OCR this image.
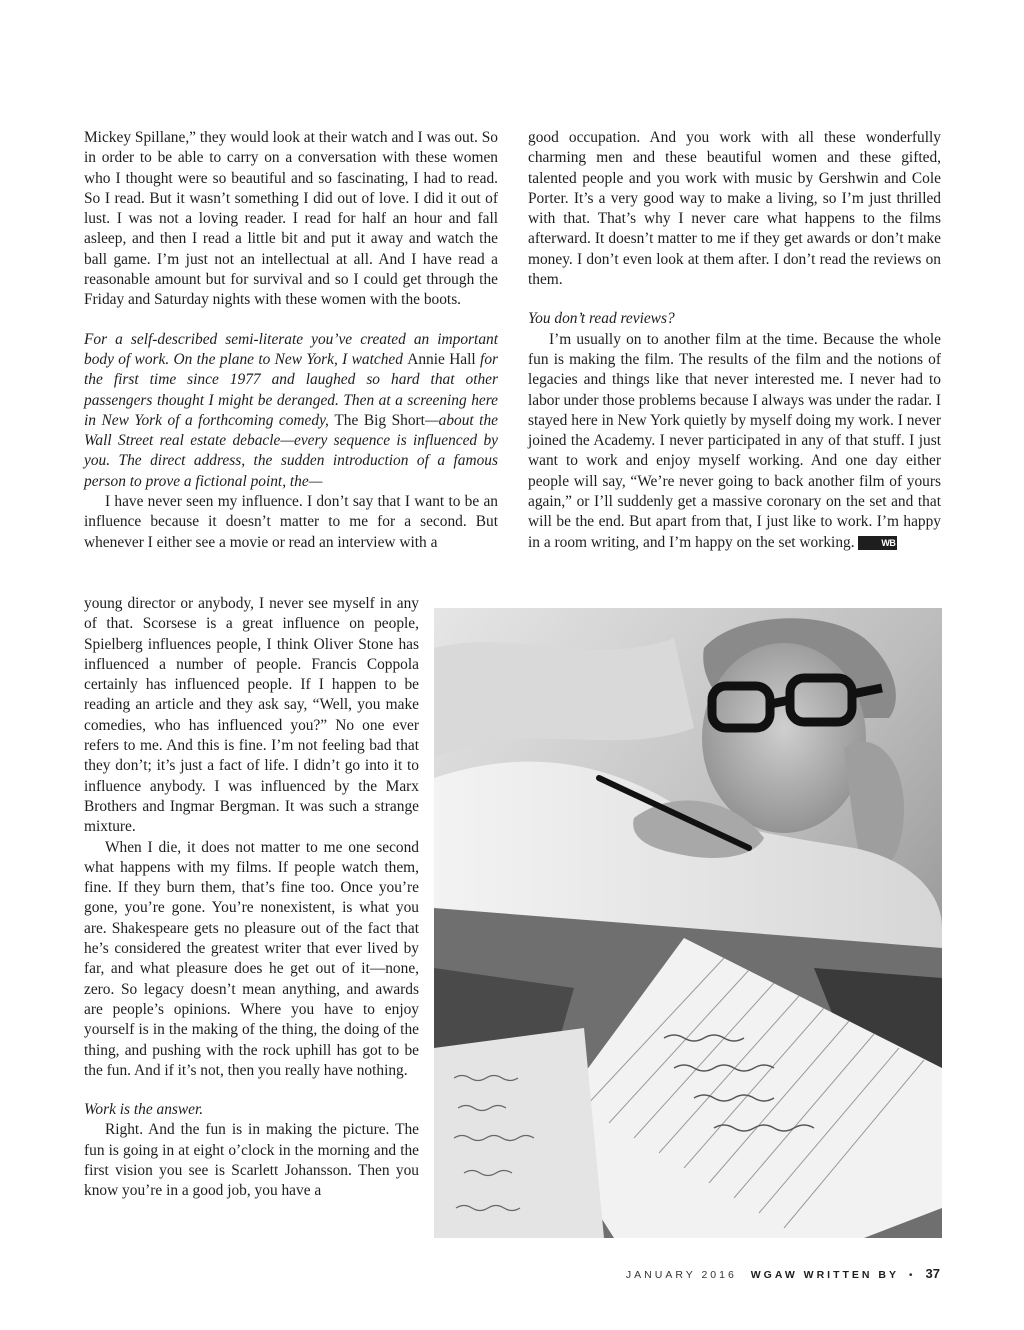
Mickey Spillane,” they would look at their watch and I was out. So in order to be able to carry on a conversation with these women who I thought were so beautiful and so fascinating, I had to read. So I read. But it wasn’t something I did out of love. I did it out of lust. I was not a loving reader. I read for half an hour and fall asleep, and then I read a little bit and put it away and watch the ball game. I’m just not an intellectual at all. And I have read a reasonable amount but for survival and so I could get through the Friday and Saturday nights with these women with the boots.

For a self-described semi-literate you’ve created an important body of work. On the plane to New York, I watched Annie Hall for the first time since 1977 and laughed so hard that other passengers thought I might be deranged. Then at a screening here in New York of a forthcoming comedy, The Big Short—about the Wall Street real estate debacle—every sequence is influenced by you. The direct address, the sudden introduction of a famous person to prove a fictional point, the—

I have never seen my influence. I don’t say that I want to be an influence because it doesn’t matter to me for a second. But whenever I either see a movie or read an interview with a

young director or anybody, I never see myself in any of that. Scorsese is a great influence on people, Spielberg influences people, I think Oliver Stone has influenced a number of people. Francis Coppola certainly has influenced people. If I happen to be reading an article and they ask say, “Well, you make comedies, who has influenced you?” No one ever refers to me. And this is fine. I’m not feeling bad that they don’t; it’s just a fact of life. I didn’t go into it to influence anybody. I was influenced by the Marx Brothers and Ingmar Bergman. It was such a strange mixture.

When I die, it does not matter to me one second what happens with my films. If people watch them, fine. If they burn them, that’s fine too. Once you’re gone, you’re gone. You’re nonexistent, is what you are. Shakespeare gets no pleasure out of the fact that he’s considered the greatest writer that ever lived by far, and what pleasure does he get out of it—none, zero. So legacy doesn’t mean anything, and awards are people’s opinions. Where you have to enjoy yourself is in the making of the thing, the doing of the thing, and pushing with the rock uphill has got to be the fun. And if it’s not, then you really have nothing.

Work is the answer.

Right. And the fun is in making the picture. The fun is going in at eight o’clock in the morning and the first vision you see is Scarlett Johansson. Then you know you’re in a good job, you have a

good occupation. And you work with all these wonderfully charming men and these beautiful women and these gifted, talented people and you work with music by Gershwin and Cole Porter. It’s a very good way to make a living, so I’m just thrilled with that. That’s why I never care what happens to the films afterward. It doesn’t matter to me if they get awards or don’t make money. I don’t even look at them after. I don’t read the reviews on them.

You don’t read reviews?

I’m usually on to another film at the time. Because the whole fun is making the film. The results of the film and the notions of legacies and things like that never interested me. I never had to labor under those problems because I always was under the radar. I stayed here in New York quietly by myself doing my work. I never joined the Academy. I never participated in any of that stuff. I just want to work and enjoy myself working. And one day either people will say, “We’re never going to back another film of yours again,” or I’ll suddenly get a massive coronary on the set and that will be the end. But apart from that, I just like to work. I’m happy in a room writing, and I’m happy on the set working.	WB

JANUARY 2016 WGAW WRITTEN BY • 37
